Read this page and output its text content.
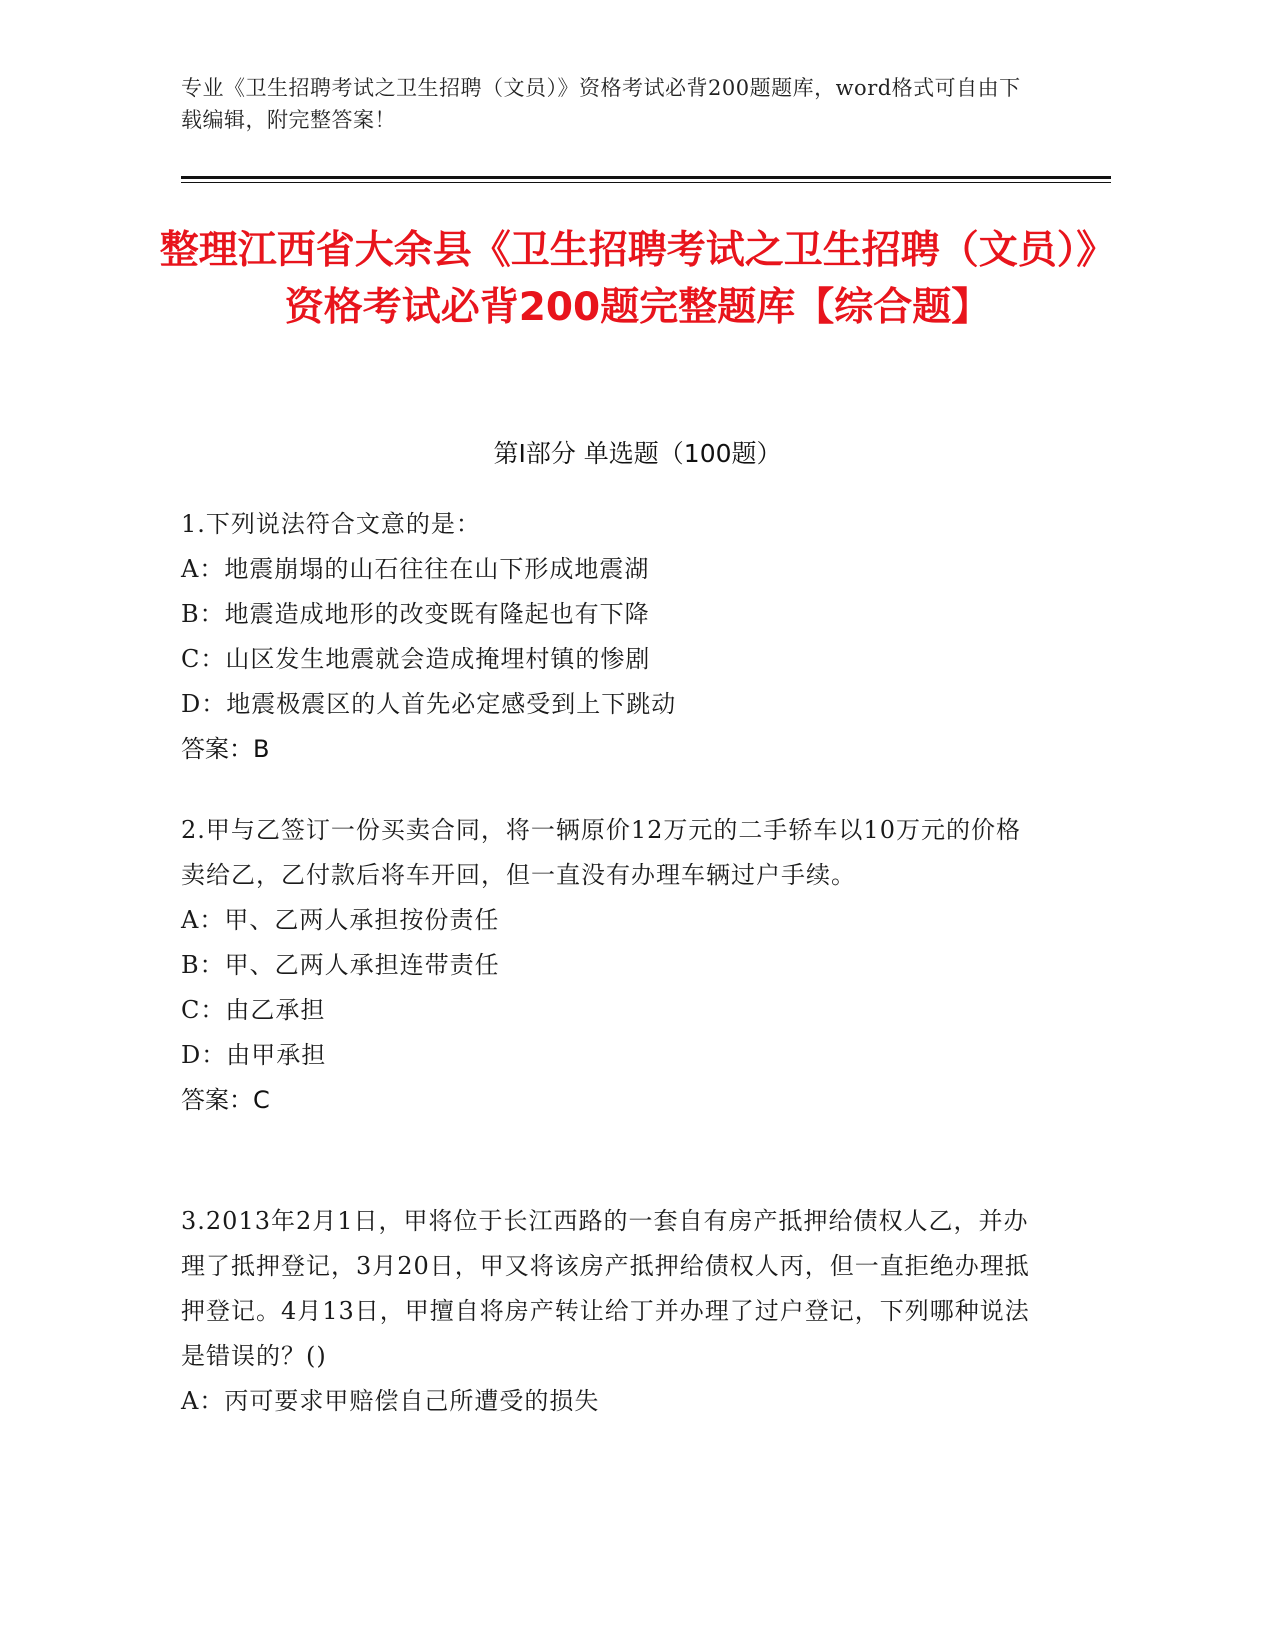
专业《卫生招聘考试之卫生招聘（文员）》资格考试必背200题题库，word格式可自由下载编辑，附完整答案！
整理江西省大余县《卫生招聘考试之卫生招聘（文员）》资格考试必背200题完整题库【综合题】
第Ⅰ部分 单选题（100题）
1.下列说法符合文意的是：
A：地震崩塌的山石往往在山下形成地震湖
B：地震造成地形的改变既有隆起也有下降
C：山区发生地震就会造成掩埋村镇的惨剧
D：地震极震区的人首先必定感受到上下跳动
答案：B
2.甲与乙签订一份买卖合同，将一辆原价12万元的二手轿车以10万元的价格卖给乙，乙付款后将车开回，但一直没有办理车辆过户手续。
A：甲、乙两人承担按份责任
B：甲、乙两人承担连带责任
C：由乙承担
D：由甲承担
答案：C
3.2013年2月1日，甲将位于长江西路的一套自有房产抵押给债权人乙，并办理了抵押登记，3月20日，甲又将该房产抵押给债权人丙，但一直拒绝办理抵押登记。4月13日，甲擅自将房产转让给丁并办理了过户登记，下列哪种说法是错误的？()
A：丙可要求甲赔偿自己所遭受的损失
